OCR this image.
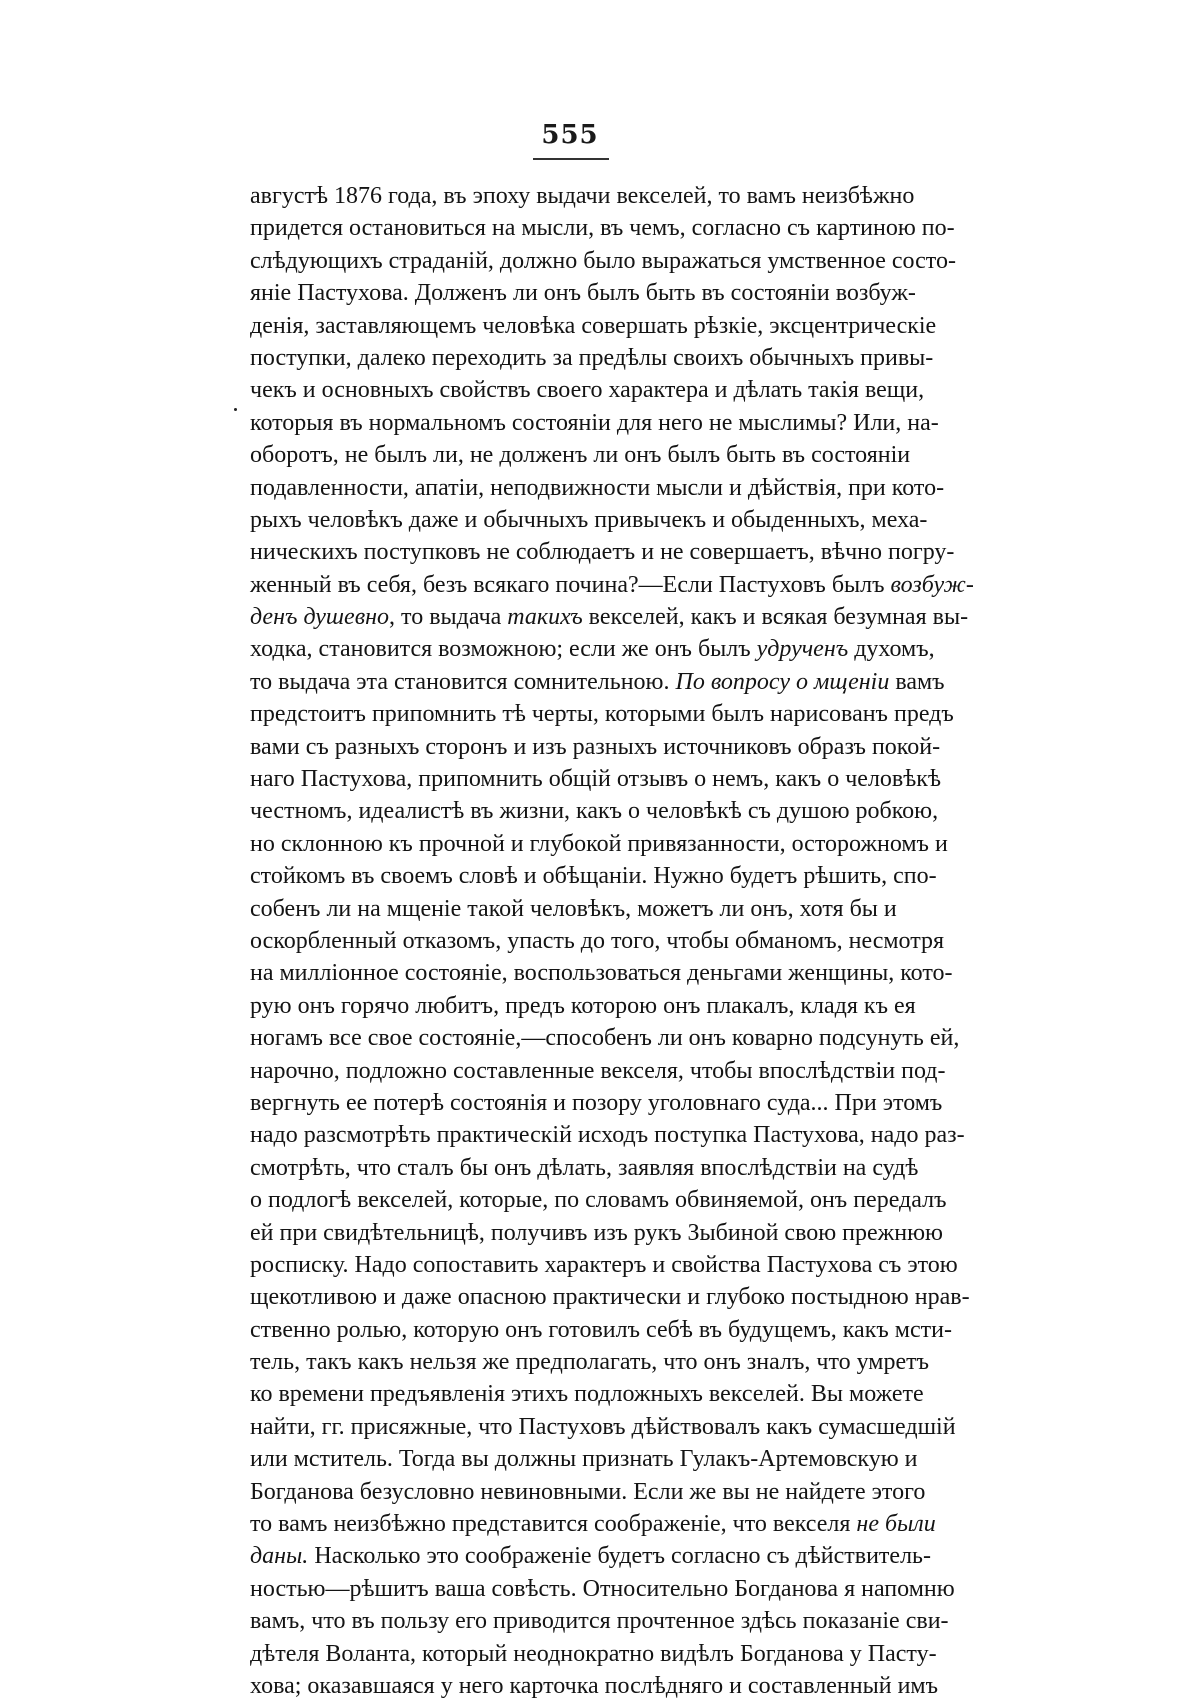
555
августѣ 1876 года, въ эпоху выдачи векселей, то вамъ неизбѣжно
придется остановиться на мысли, въ чемъ, согласно съ картиною по-
слѣдующихъ страданій, должно было выражаться умственное состо-
яніе Пастухова. Долженъ ли онъ былъ быть въ состояніи возбуж-
денія, заставляющемъ человѣка совершать рѣзкіе, эксцентрическіе
поступки, далеко переходить за предѣлы своихъ обычныхъ привы-
чекъ и основныхъ свойствъ своего характера и дѣлать такія вещи,
которыя въ нормальномъ состояніи для него не мыслимы? Или, на-
оборотъ, не былъ ли, не долженъ ли онъ былъ быть въ состояніи
подавленности, апатіи, неподвижности мысли и дѣйствія, при кото-
рыхъ человѣкъ даже и обычныхъ привычекъ и обыденныхъ, меха-
ническихъ поступковъ не соблюдаетъ и не совершаетъ, вѣчно погру-
женный въ себя, безъ всякаго почина?—Если Пастуховъ былъ возбуж-
денъ душевно, то выдача такихъ векселей, какъ и всякая безумная вы-
ходка, становится возможною; если же онъ былъ удрученъ духомъ,
то выдача эта становится сомнительною. По вопросу о мщеніи вамъ
предстоитъ припомнить тѣ черты, которыми былъ нарисованъ предъ
вами съ разныхъ сторонъ и изъ разныхъ источниковъ образъ покой-
наго Пастухова, припомнить общій отзывъ о немъ, какъ о человѣкѣ
честномъ, идеалистѣ въ жизни, какъ о человѣкѣ съ душою робкою,
но склонною къ прочной и глубокой привязанности, осторожномъ и
стойкомъ въ своемъ словѣ и обѣщаніи. Нужно будетъ рѣшить, спо-
собенъ ли на мщеніе такой человѣкъ, можетъ ли онъ, хотя бы и
оскорбленный отказомъ, упасть до того, чтобы обманомъ, несмотря
на милліонное состояніе, воспользоваться деньгами женщины, кото-
рую онъ горячо любитъ, предъ которою онъ плакалъ, кладя къ ея
ногамъ все свое состояніе,—способенъ ли онъ коварно подсунуть ей,
нарочно, подложно составленные векселя, чтобы впослѣдствіи под-
вергнуть ее потерѣ состоянія и позору уголовнаго суда... При этомъ
надо разсмотрѣть практическій исходъ поступка Пастухова, надо раз-
смотрѣть, что сталъ бы онъ дѣлать, заявляя впослѣдствіи на судѣ
о подлогѣ векселей, которые, по словамъ обвиняемой, онъ передалъ
ей при свидѣтельницѣ, получивъ изъ рукъ Зыбиной свою прежнюю
росписку. Надо сопоставить характеръ и свойства Пастухова съ этою
щекотливою и даже опасною практически и глубоко постыдною нрав-
ственно ролью, которую онъ готовилъ себѣ въ будущемъ, какъ мсти-
тель, такъ какъ нельзя же предполагать, что онъ зналъ, что умретъ
ко времени предъявленія этихъ подложныхъ векселей. Вы можете
найти, гг. присяжные, что Пастуховъ дѣйствовалъ какъ сумасшедшій
или мститель. Тогда вы должны признать Гулакъ-Артемовскую и
Богданова безусловно невиновными. Если же вы не найдете этого
то вамъ неизбѣжно представится соображеніе, что векселя не были
даны. Насколько это соображеніе будетъ согласно съ дѣйствитель-
ностью—рѣшитъ ваша совѣсть. Относительно Богданова я напомню
вамъ, что въ пользу его приводится прочтенное здѣсь показаніе сви-
дѣтеля Воланта, который неоднократно видѣлъ Богданова у Пасту-
хова; оказавшаяся у него карточка послѣдняго и составленный имъ
